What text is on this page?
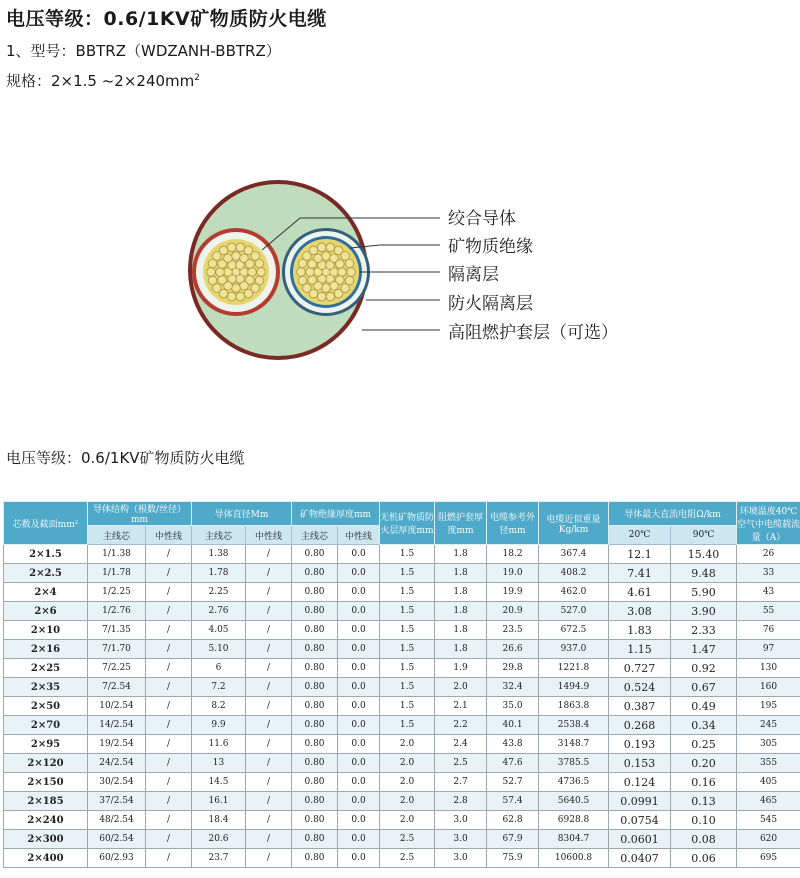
电压等级：0.6/1KV矿物质防火电缆
1、型号：BBTRZ（WDZANH-BBTRZ）
规格：2×1.5 $\sim 2\times 240mm^2$
绞合导体
矿物质绝缘
隔离层
防火隔离层
高阻燃护套层（可选）
电压等级：0.6/1KV矿物质防火电缆
芯数及截面mm²	导体结构（根数/丝径）mm		导体直径Mm		矿物绝缘厚度mm		无机矿物质防火层厚度mm	阻燃护套厚度mm	电缆参考外径mm	电缆近似重量Kg/km	导体最大直流电阻Ω/km		环境温度40℃空气中电缆载流量（A）
	主线芯	中性线	主线芯	中性线	主线芯	中性线					20℃	90℃	
2×1.5	1/1.38	/	1.38	/	0.80	0.0	1.5	1.8	18.2	367.4	12.1	15.40	26
2×2.5	1/1.78	/	1.78	/	0.80	0.0	1.5	1.8	19.0	408.2	7.41	9.48	33
2×4	1/2.25	/	2.25	/	0.80	0.0	1.5	1.8	19.9	462.0	4.61	5.90	43
2×6	1/2.76	/	2.76	/	0.80	0.0	1.5	1.8	20.9	527.0	3.08	3.90	55
2×10	7/1.35	/	4.05	/	0.80	0.0	1.5	1.8	23.5	672.5	1.83	2.33	76
2×16	7/1.70	/	5.10	/	0.80	0.0	1.5	1.8	26.6	937.0	1.15	1.47	97
2×25	7/2.25	/	6	/	0.80	0.0	1.5	1.9	29.8	1221.8	0.727	0.92	130
2×35	7/2.54	/	7.2	/	0.80	0.0	1.5	2.0	32.4	1494.9	0.524	0.67	160
2×50	10/2.54	/	8.2	/	0.80	0.0	1.5	2.1	35.0	1863.8	0.387	0.49	195
2×70	14/2.54	/	9.9	/	0.80	0.0	1.5	2.2	40.1	2538.4	0.268	0.34	245
2×95	19/2.54	/	11.6	/	0.80	0.0	2.0	2.4	43.8	3148.7	0.193	0.25	305
2×120	24/2.54	/	13	/	0.80	0.0	2.0	2.5	47.6	3785.5	0.153	0.20	355
2×150	30/2.54	/	14.5	/	0.80	0.0	2.0	2.7	52.7	4736.5	0.124	0.16	405
2×185	37/2.54	/	16.1	/	0.80	0.0	2.0	2.8	57.4	5640.5	0.0991	0.13	465
2×240	48/2.54	/	18.4	/	0.80	0.0	2.0	3.0	62.8	6928.8	0.0754	0.10	545
2×300	60/2.54	/	20.6	/	0.80	0.0	2.5	3.0	67.9	8304.7	0.0601	0.08	620
2×400	60/2.93	/	23.7	/	0.80	0.0	2.5	3.0	75.9	10600.8	0.0407	0.06	695
